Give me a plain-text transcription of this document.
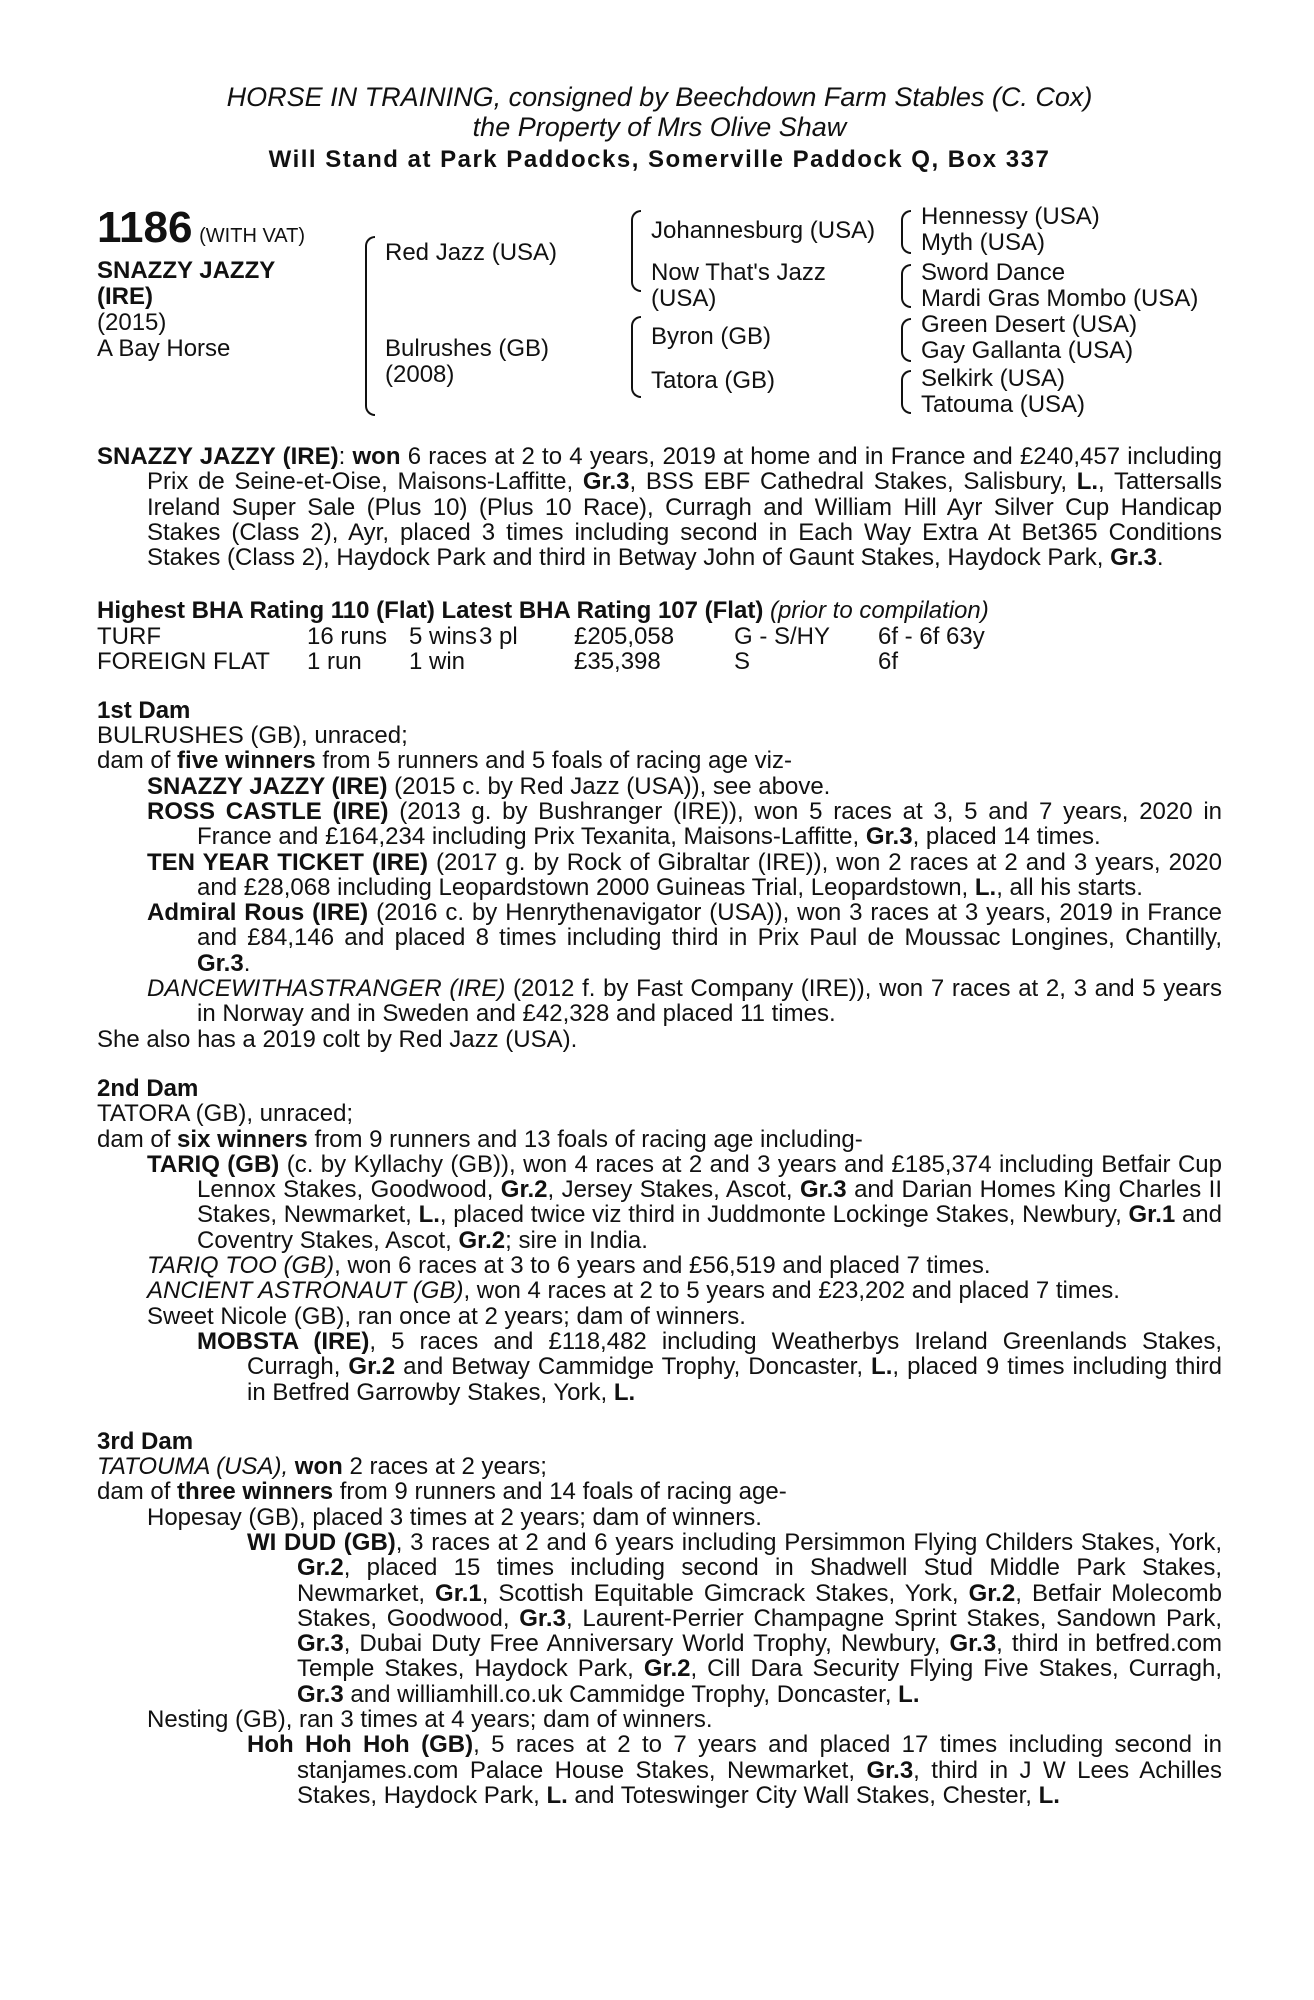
HORSE IN TRAINING, consigned by Beechdown Farm Stables (C. Cox)
the Property of Mrs Olive Shaw
Will Stand at Park Paddocks, Somerville Paddock Q, Box 337
1186 (WITH VAT)
SNAZZY JAZZY
(IRE)
(2015)
A Bay Horse
Red Jazz (USA)
Bulrushes (GB)
(2008)
Johannesburg (USA)
Now That's Jazz
(USA)
Byron (GB)
Tatora (GB)
Hennessy (USA)
Myth (USA)
Sword Dance
Mardi Gras Mombo (USA)
Green Desert (USA)
Gay Gallanta (USA)
Selkirk (USA)
Tatouma (USA)
SNAZZY JAZZY (IRE): won 6 races at 2 to 4 years, 2019 at home and in France and £240,457 including Prix de Seine-et-Oise, Maisons-Laffitte, Gr.3, BSS EBF Cathedral Stakes, Salisbury, L., Tattersalls Ireland Super Sale (Plus 10) (Plus 10 Race), Curragh and William Hill Ayr Silver Cup Handicap Stakes (Class 2), Ayr, placed 3 times including second in Each Way Extra At Bet365 Conditions Stakes (Class 2), Haydock Park and third in Betway John of Gaunt Stakes, Haydock Park, Gr.3.
Highest BHA Rating 110 (Flat) Latest BHA Rating 107 (Flat) (prior to compilation)
TURF	16 runs	5 wins	3 pl	£205,058	G - S/HY	6f - 6f 63y
FOREIGN FLAT	1 run	1 win		£35,398	S	6f
1st Dam
BULRUSHES (GB), unraced;
dam of five winners from 5 runners and 5 foals of racing age viz-
SNAZZY JAZZY (IRE) (2015 c. by Red Jazz (USA)), see above.
ROSS CASTLE (IRE) (2013 g. by Bushranger (IRE)), won 5 races at 3, 5 and 7 years, 2020 in France and £164,234 including Prix Texanita, Maisons-Laffitte, Gr.3, placed 14 times.
TEN YEAR TICKET (IRE) (2017 g. by Rock of Gibraltar (IRE)), won 2 races at 2 and 3 years, 2020 and £28,068 including Leopardstown 2000 Guineas Trial, Leopardstown, L., all his starts.
Admiral Rous (IRE) (2016 c. by Henrythenavigator (USA)), won 3 races at 3 years, 2019 in France and £84,146 and placed 8 times including third in Prix Paul de Moussac Longines, Chantilly, Gr.3.
DANCEWITHASTRANGER (IRE) (2012 f. by Fast Company (IRE)), won 7 races at 2, 3 and 5 years in Norway and in Sweden and £42,328 and placed 11 times.
She also has a 2019 colt by Red Jazz (USA).
2nd Dam
TATORA (GB), unraced;
dam of six winners from 9 runners and 13 foals of racing age including-
TARIQ (GB) (c. by Kyllachy (GB)), won 4 races at 2 and 3 years and £185,374 including Betfair Cup Lennox Stakes, Goodwood, Gr.2, Jersey Stakes, Ascot, Gr.3 and Darian Homes King Charles II Stakes, Newmarket, L., placed twice viz third in Juddmonte Lockinge Stakes, Newbury, Gr.1 and Coventry Stakes, Ascot, Gr.2; sire in India.
TARIQ TOO (GB), won 6 races at 3 to 6 years and £56,519 and placed 7 times.
ANCIENT ASTRONAUT (GB), won 4 races at 2 to 5 years and £23,202 and placed 7 times.
Sweet Nicole (GB), ran once at 2 years; dam of winners.
MOBSTA (IRE), 5 races and £118,482 including Weatherbys Ireland Greenlands Stakes, Curragh, Gr.2 and Betway Cammidge Trophy, Doncaster, L., placed 9 times including third in Betfred Garrowby Stakes, York, L.
3rd Dam
TATOUMA (USA), won 2 races at 2 years;
dam of three winners from 9 runners and 14 foals of racing age-
Hopesay (GB), placed 3 times at 2 years; dam of winners.
WI DUD (GB), 3 races at 2 and 6 years including Persimmon Flying Childers Stakes, York, Gr.2, placed 15 times including second in Shadwell Stud Middle Park Stakes, Newmarket, Gr.1, Scottish Equitable Gimcrack Stakes, York, Gr.2, Betfair Molecomb Stakes, Goodwood, Gr.3, Laurent-Perrier Champagne Sprint Stakes, Sandown Park, Gr.3, Dubai Duty Free Anniversary World Trophy, Newbury, Gr.3, third in betfred.com Temple Stakes, Haydock Park, Gr.2, Cill Dara Security Flying Five Stakes, Curragh, Gr.3 and williamhill.co.uk Cammidge Trophy, Doncaster, L.
Nesting (GB), ran 3 times at 4 years; dam of winners.
Hoh Hoh Hoh (GB), 5 races at 2 to 7 years and placed 17 times including second in stanjames.com Palace House Stakes, Newmarket, Gr.3, third in J W Lees Achilles Stakes, Haydock Park, L. and Toteswinger City Wall Stakes, Chester, L.
